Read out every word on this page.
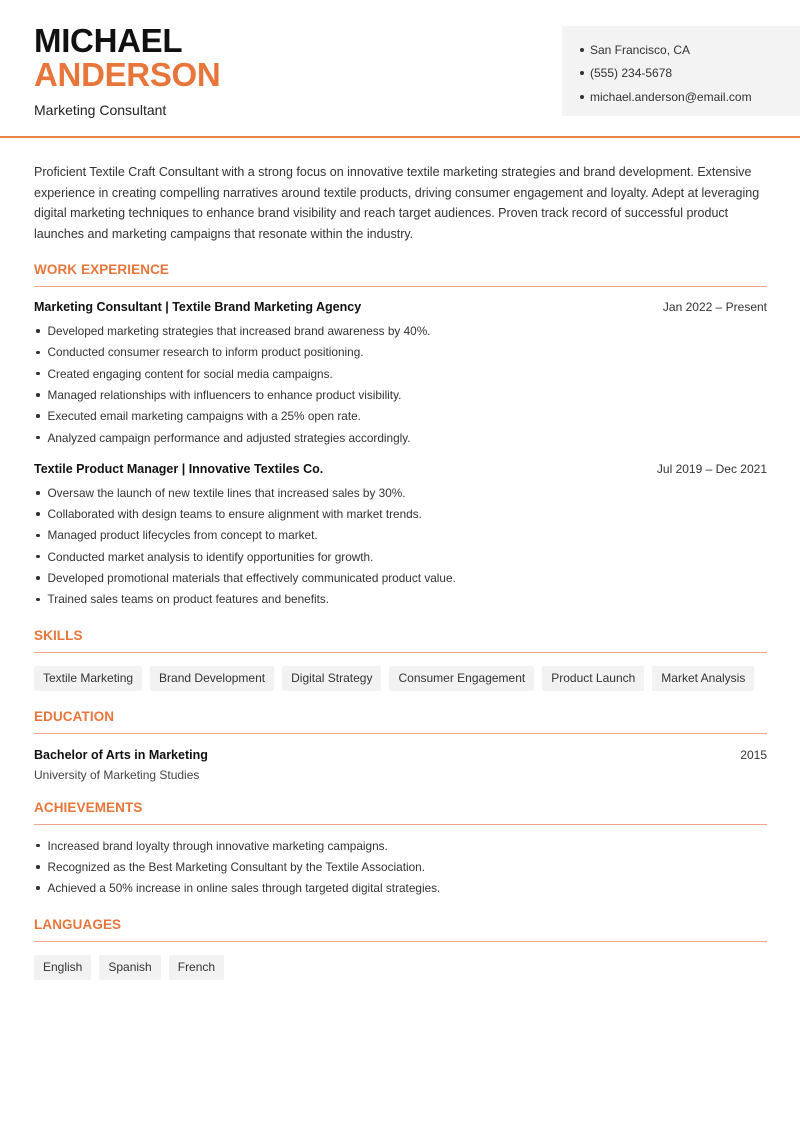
MICHAEL
ANDERSON
Marketing Consultant
San Francisco, CA
(555) 234-5678
michael.anderson@email.com

Proficient Textile Craft Consultant with a strong focus on innovative textile marketing strategies and brand development. Extensive experience in creating compelling narratives around textile products, driving consumer engagement and loyalty. Adept at leveraging digital marketing techniques to enhance brand visibility and reach target audiences. Proven track record of successful product launches and marketing campaigns that resonate within the industry.

WORK EXPERIENCE
Marketing Consultant | Textile Brand Marketing Agency	Jan 2022 – Present
Developed marketing strategies that increased brand awareness by 40%.
Conducted consumer research to inform product positioning.
Created engaging content for social media campaigns.
Managed relationships with influencers to enhance product visibility.
Executed email marketing campaigns with a 25% open rate.
Analyzed campaign performance and adjusted strategies accordingly.
Textile Product Manager | Innovative Textiles Co.	Jul 2019 – Dec 2021
Oversaw the launch of new textile lines that increased sales by 30%.
Collaborated with design teams to ensure alignment with market trends.
Managed product lifecycles from concept to market.
Conducted market analysis to identify opportunities for growth.
Developed promotional materials that effectively communicated product value.
Trained sales teams on product features and benefits.
SKILLS
Textile Marketing	Brand Development	Digital Strategy	Consumer Engagement	Product Launch	Market Analysis
EDUCATION
Bachelor of Arts in Marketing	2015
University of Marketing Studies
ACHIEVEMENTS
Increased brand loyalty through innovative marketing campaigns.
Recognized as the Best Marketing Consultant by the Textile Association.
Achieved a 50% increase in online sales through targeted digital strategies.
LANGUAGES
English	Spanish	French
